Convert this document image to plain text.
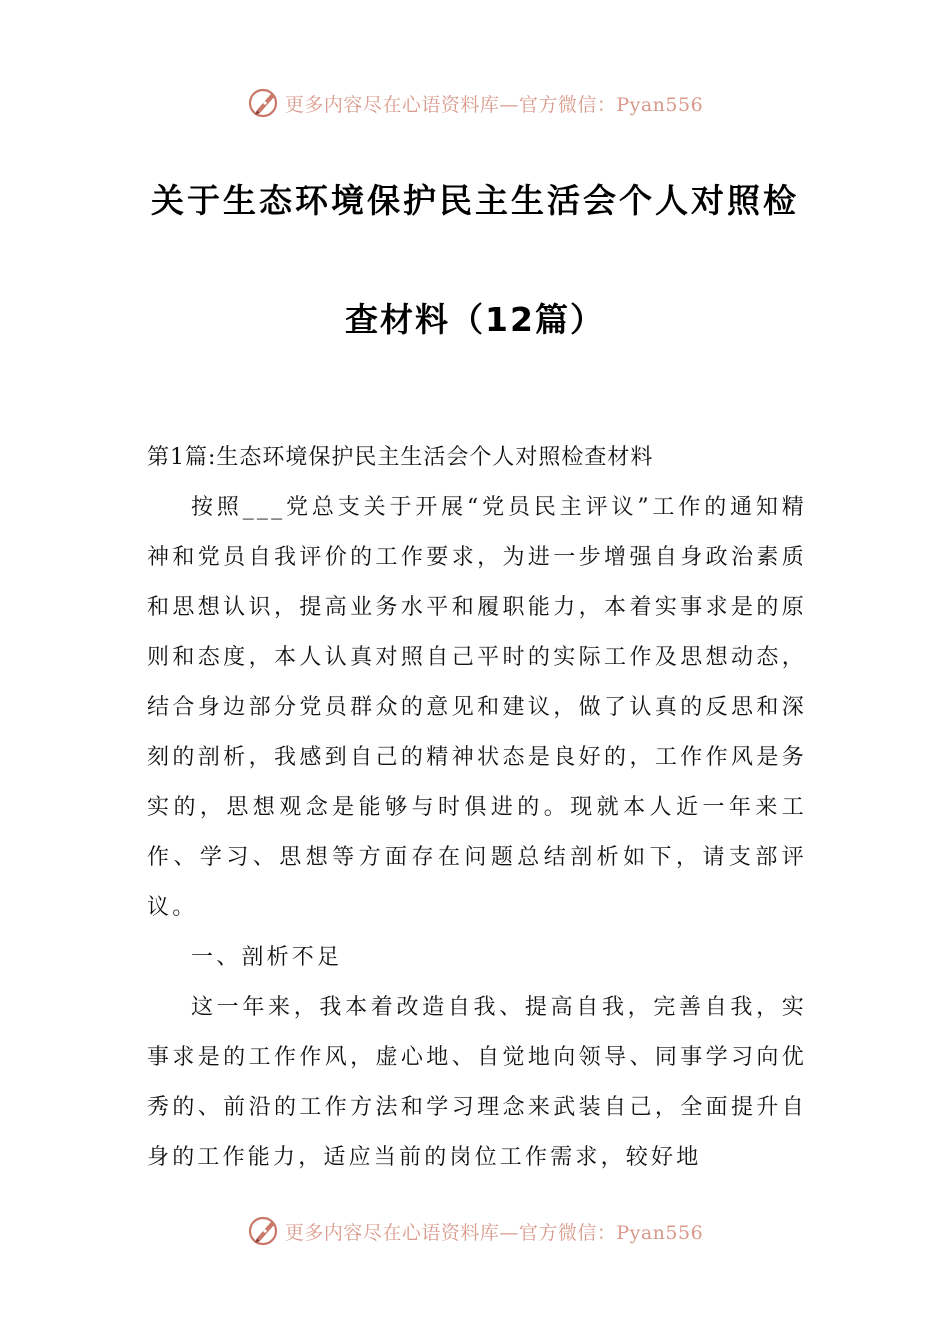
更多内容尽在心语资料库—官方微信：Pyan556
关于生态环境保护民主生活会个人对照检
查材料（12篇）

第1篇:生态环境保护民主生活会个人对照检查材料

按照___党总支关于开展“党员民主评议”工作的通知精神和党员自我评价的工作要求，为进一步增强自身政治素质和思想认识，提高业务水平和履职能力，本着实事求是的原则和态度，本人认真对照自己平时的实际工作及思想动态，结合身边部分党员群众的意见和建议，做了认真的反思和深刻的剖析，我感到自己的精神状态是良好的，工作作风是务实的，思想观念是能够与时俱进的。现就本人近一年来工作、学习、思想等方面存在问题总结剖析如下，请支部评议。

一、剖析不足

这一年来，我本着改造自我、提高自我，完善自我，实事求是的工作作风，虚心地、自觉地向领导、同事学习向优秀的、前沿的工作方法和学习理念来武装自己，全面提升自身的工作能力，适应当前的岗位工作需求，较好地

更多内容尽在心语资料库—官方微信：Pyan556
